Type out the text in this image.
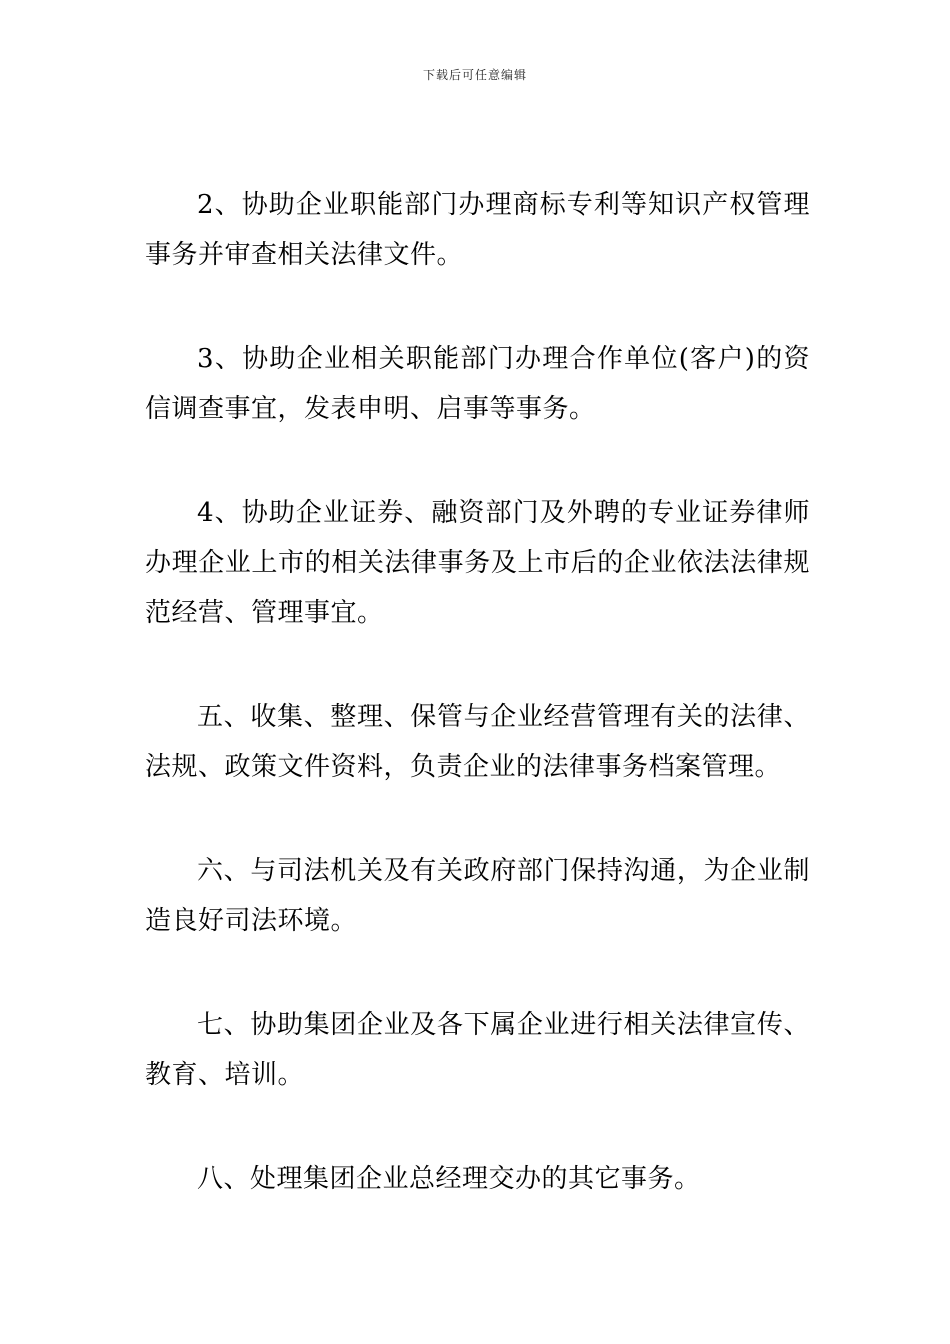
下载后可任意编辑

2、协助企业职能部门办理商标专利等知识产权管理事务并审查相关法律文件。

3、协助企业相关职能部门办理合作单位(客户)的资信调查事宜，发表申明、启事等事务。

4、协助企业证券、融资部门及外聘的专业证券律师办理企业上市的相关法律事务及上市后的企业依法法律规范经营、管理事宜。

五、收集、整理、保管与企业经营管理有关的法律、法规、政策文件资料，负责企业的法律事务档案管理。

六、与司法机关及有关政府部门保持沟通，为企业制造良好司法环境。

七、协助集团企业及各下属企业进行相关法律宣传、教育、培训。

八、处理集团企业总经理交办的其它事务。
